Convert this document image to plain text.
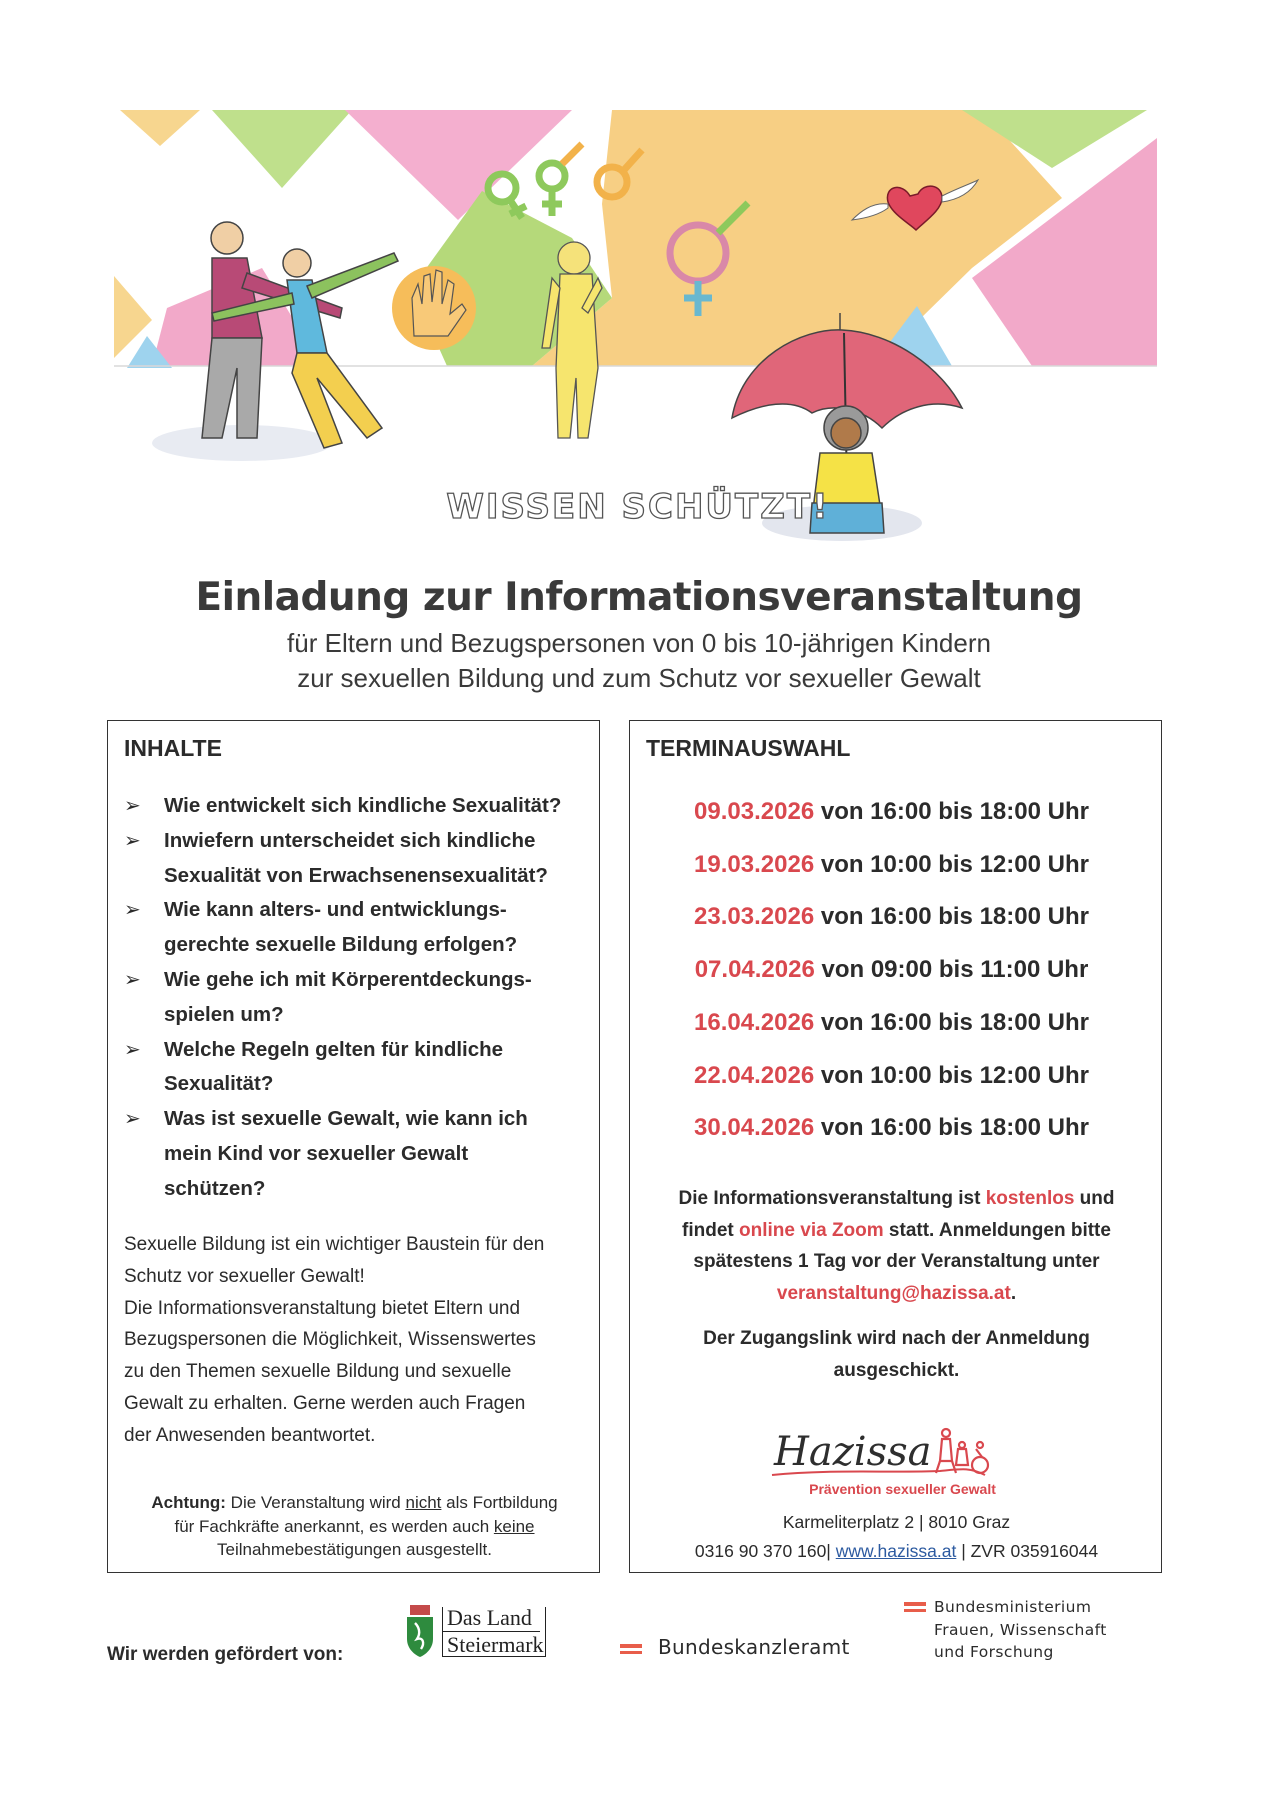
WISSEN SCHÜTZT!
Einladung zur Informationsveranstaltung
für Eltern und Bezugspersonen von 0 bis 10-jährigen Kindern
zur sexuellen Bildung und zum Schutz vor sexueller Gewalt
INHALTE
➢ Wie entwickelt sich kindliche Sexualität?
➢ Inwiefern unterscheidet sich kindliche
Sexualität von Erwachsenensexualität?
➢ Wie kann alters- und entwicklungs-
gerechte sexuelle Bildung erfolgen?
➢ Wie gehe ich mit Körperentdeckungs-
spielen um?
➢ Welche Regeln gelten für kindliche
Sexualität?
➢ Was ist sexuelle Gewalt, wie kann ich
mein Kind vor sexueller Gewalt
schützen?

Sexuelle Bildung ist ein wichtiger Baustein für den

Schutz vor sexueller Gewalt!

Die Informationsveranstaltung bietet Eltern und

Bezugspersonen die Möglichkeit, Wissenswertes

zu den Themen sexuelle Bildung und sexuelle

Gewalt zu erhalten. Gerne werden auch Fragen

der Anwesenden beantwortet.

Achtung: Die Veranstaltung wird nicht als Fortbildung
für Fachkräfte anerkannt, es werden auch keine
Teilnahmebestätigungen ausgestellt.
TERMINAUSWAHL
09.03.2026 von 16:00 bis 18:00 Uhr
19.03.2026 von 10:00 bis 12:00 Uhr
23.03.2026 von 16:00 bis 18:00 Uhr
07.04.2026 von 09:00 bis 11:00 Uhr
16.04.2026 von 16:00 bis 18:00 Uhr
22.04.2026 von 10:00 bis 12:00 Uhr
30.04.2026 von 16:00 bis 18:00 Uhr
Die Informationsveranstaltung ist kostenlos und
findet online via Zoom statt. Anmeldungen bitte
spätestens 1 Tag vor der Veranstaltung unter
veranstaltung@hazissa.at.
Der Zugangslink wird nach der Anmeldung
ausgeschickt.
Hazissa
Prävention sexueller Gewalt
Karmeliterplatz 2 | 8010 Graz
0316 90 370 160| www.hazissa.at | ZVR 035916044
Wir werden gefördert von:
Das Land
Steiermark	Bundeskanzleramt
Bundesministerium
Frauen, Wissenschaft
und Forschung
